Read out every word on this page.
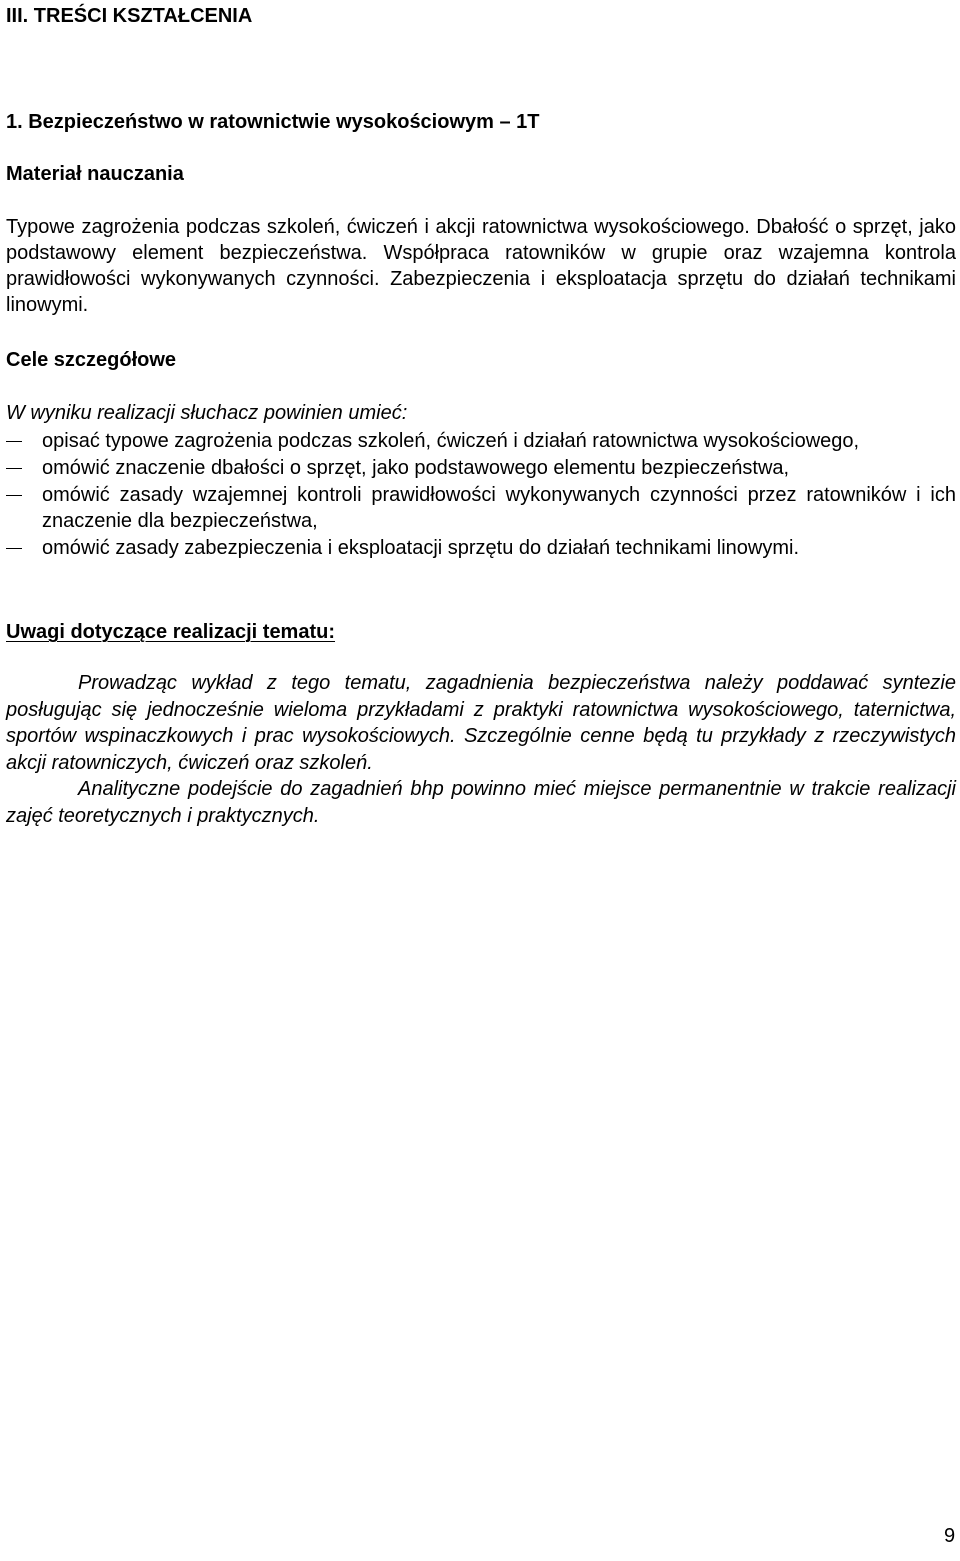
III. TREŚCI KSZTAŁCENIA
1. Bezpieczeństwo w ratownictwie wysokościowym – 1T
Materiał nauczania

Typowe zagrożenia podczas szkoleń, ćwiczeń i akcji ratownictwa wysokościowego. Dbałość o sprzęt, jako podstawowy element bezpieczeństwa. Współpraca ratowników w grupie oraz wzajemna kontrola prawidłowości wykonywanych czynności. Zabezpieczenia i eksploatacja sprzętu do działań technikami linowymi.

Cele szczegółowe

W wyniku realizacji słuchacz powinien umieć:

opisać typowe zagrożenia podczas szkoleń, ćwiczeń i działań ratownictwa wysokościowego,
omówić znaczenie dbałości o sprzęt, jako podstawowego elementu bezpieczeństwa,
omówić zasady wzajemnej kontroli prawidłowości wykonywanych czynności przez ratowników i ich znaczenie dla bezpieczeństwa,
omówić zasady zabezpieczenia i eksploatacji sprzętu do działań technikami linowymi.
Uwagi dotyczące realizacji tematu:

Prowadząc wykład z tego tematu, zagadnienia bezpieczeństwa należy poddawać syntezie posługując się jednocześnie wieloma przykładami z praktyki ratownictwa wysokościowego, taternictwa, sportów wspinaczkowych i prac wysokościowych. Szczególnie cenne będą tu przykłady z rzeczywistych akcji ratowniczych, ćwiczeń oraz szkoleń.

Analityczne podejście do zagadnień bhp powinno mieć miejsce permanentnie w trakcie realizacji zajęć teoretycznych i praktycznych.

9
